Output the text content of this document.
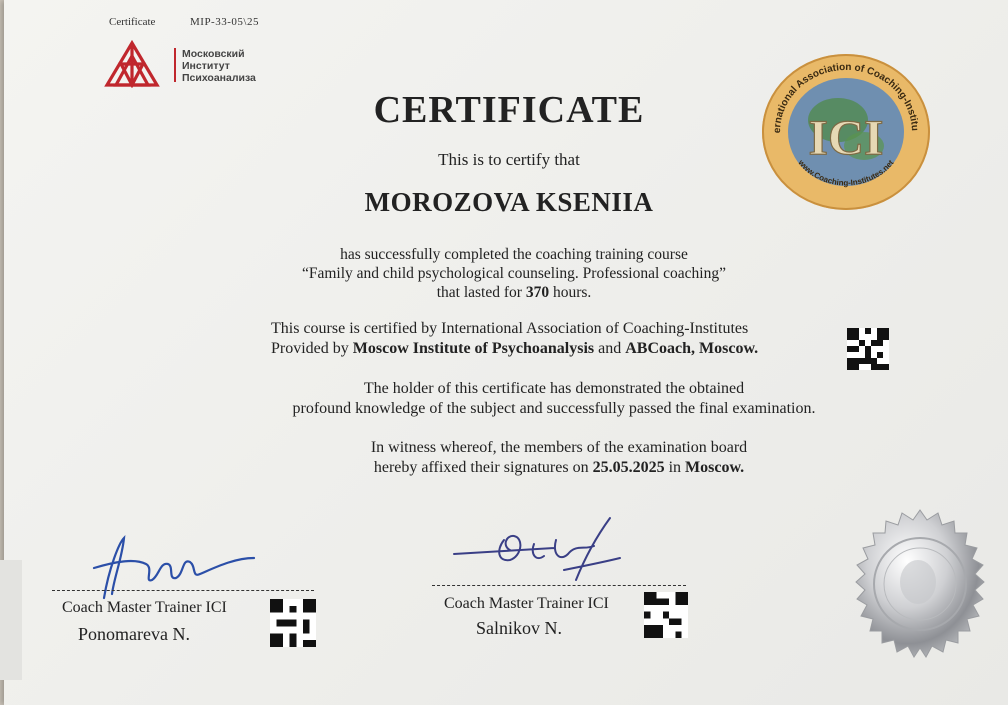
Certificate	МIP-33-05\25
Московский
Институт
Психоанализа
ICI
ernational Association of Coaching-Institu
www.Coaching-Institutes.net
CERTIFICATE
This is to certify that
MOROZOVA KSENIIA
has successfully completed the coaching training course
“Family and child psychological counseling. Professional coaching”
that lasted for 370 hours.
This course is certified by International Association of Coaching-Institutes
Provided by Moscow Institute of Psychoanalysis and ABCoach, Moscow.
The holder of this certificate has demonstrated the obtained
profound knowledge of the subject and successfully passed the final examination.
In witness whereof, the members of the examination board
hereby affixed their signatures on 25.05.2025 in Moscow.
Coach Master Trainer ICI
Ponomareva N.
Coach Master Trainer ICI
Salnikov N.
